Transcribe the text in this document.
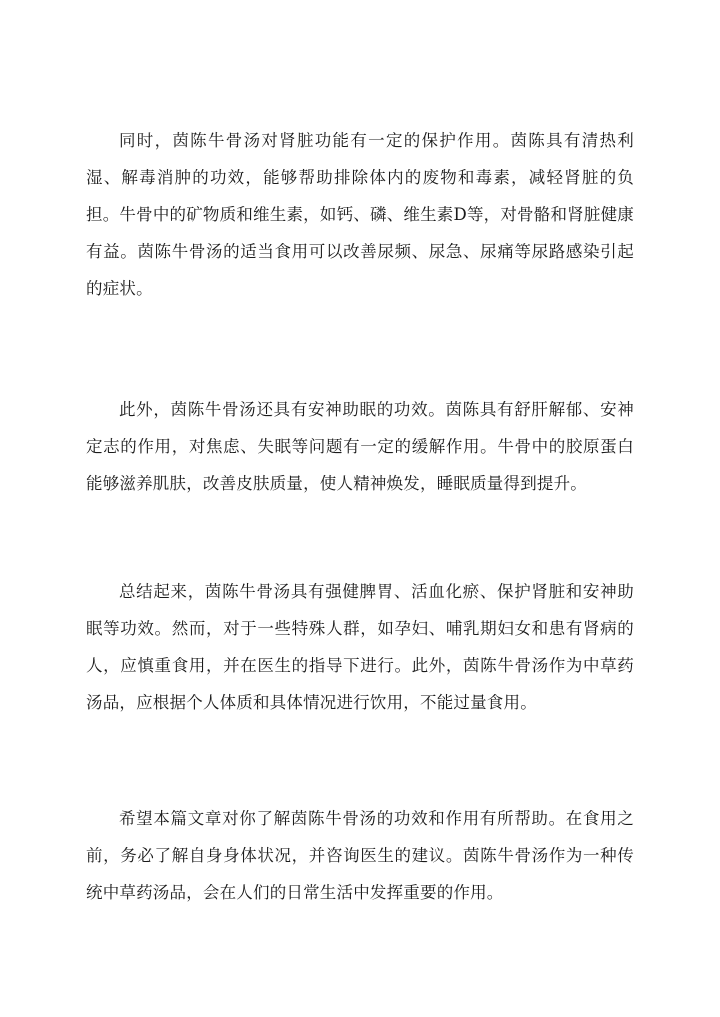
同时，茵陈牛骨汤对肾脏功能有一定的保护作用。茵陈具有清热利湿、解毒消肿的功效，能够帮助排除体内的废物和毒素，减轻肾脏的负担。牛骨中的矿物质和维生素，如钙、磷、维生素D等，对骨骼和肾脏健康有益。茵陈牛骨汤的适当食用可以改善尿频、尿急、尿痛等尿路感染引起的症状。

此外，茵陈牛骨汤还具有安神助眠的功效。茵陈具有舒肝解郁、安神定志的作用，对焦虑、失眠等问题有一定的缓解作用。牛骨中的胶原蛋白能够滋养肌肤，改善皮肤质量，使人精神焕发，睡眠质量得到提升。

总结起来，茵陈牛骨汤具有强健脾胃、活血化瘀、保护肾脏和安神助眠等功效。然而，对于一些特殊人群，如孕妇、哺乳期妇女和患有肾病的人，应慎重食用，并在医生的指导下进行。此外，茵陈牛骨汤作为中草药汤品，应根据个人体质和具体情况进行饮用，不能过量食用。

希望本篇文章对你了解茵陈牛骨汤的功效和作用有所帮助。在食用之前，务必了解自身身体状况，并咨询医生的建议。茵陈牛骨汤作为一种传统中草药汤品，会在人们的日常生活中发挥重要的作用。
